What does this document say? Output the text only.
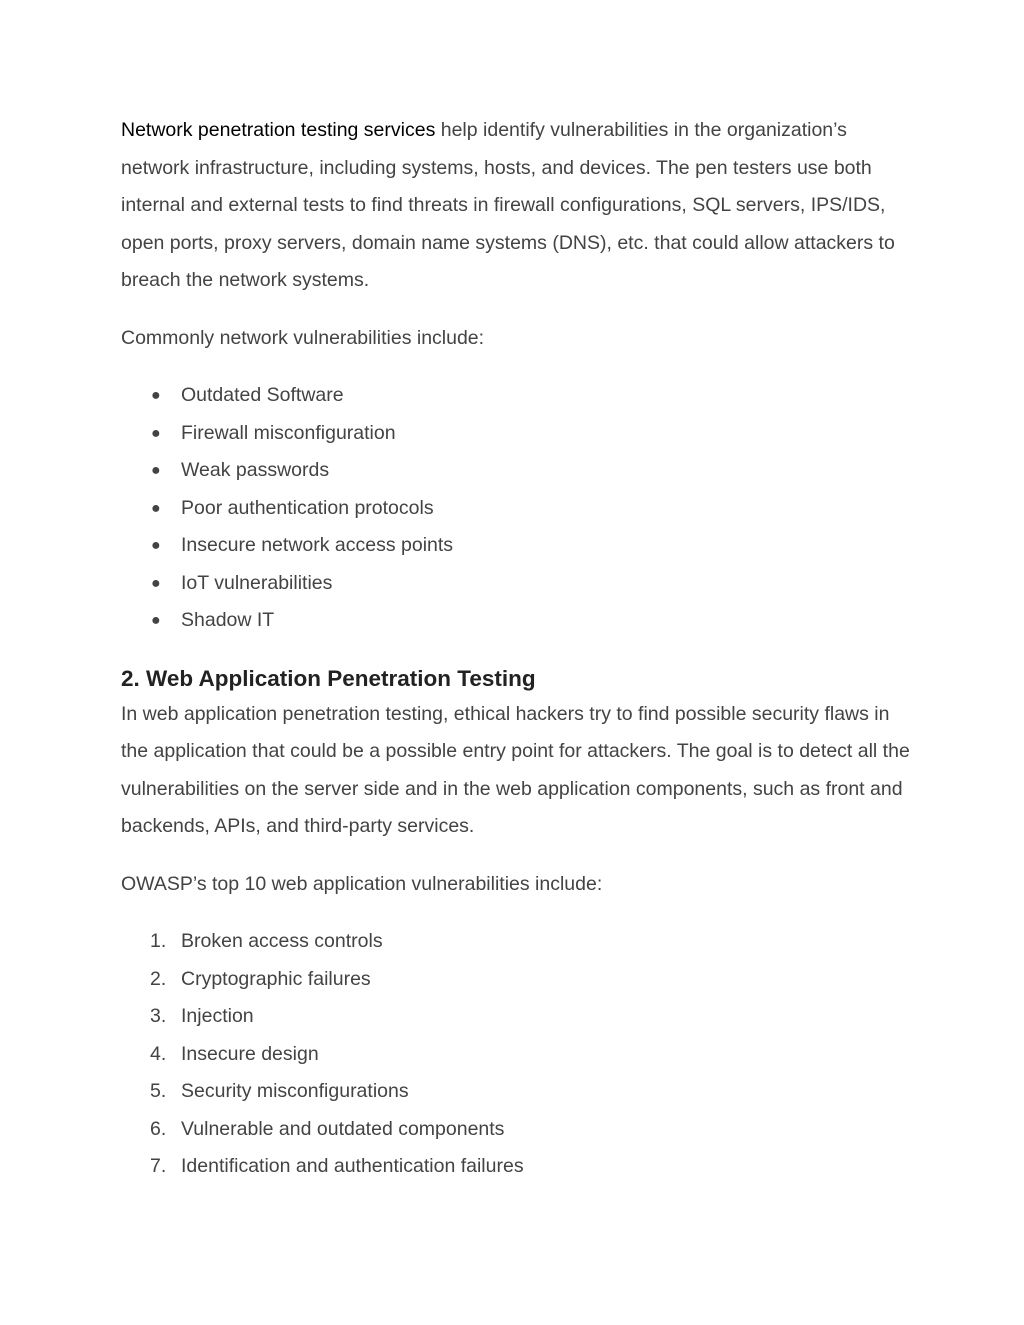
Network penetration testing services help identify vulnerabilities in the organization’s network infrastructure, including systems, hosts, and devices. The pen testers use both internal and external tests to find threats in firewall configurations, SQL servers, IPS/IDS, open ports, proxy servers, domain name systems (DNS), etc. that could allow attackers to breach the network systems.

Commonly network vulnerabilities include:

● Outdated Software
● Firewall misconfiguration
● Weak passwords
● Poor authentication protocols
● Insecure network access points
● IoT vulnerabilities
● Shadow IT
2. Web Application Penetration Testing

In web application penetration testing, ethical hackers try to find possible security flaws in the application that could be a possible entry point for attackers. The goal is to detect all the vulnerabilities on the server side and in the web application components, such as front and backends, APIs, and third-party services.

OWASP’s top 10 web application vulnerabilities include:

1. Broken access controls
2. Cryptographic failures
3. Injection
4. Insecure design
5. Security misconfigurations
6. Vulnerable and outdated components
7. Identification and authentication failures
